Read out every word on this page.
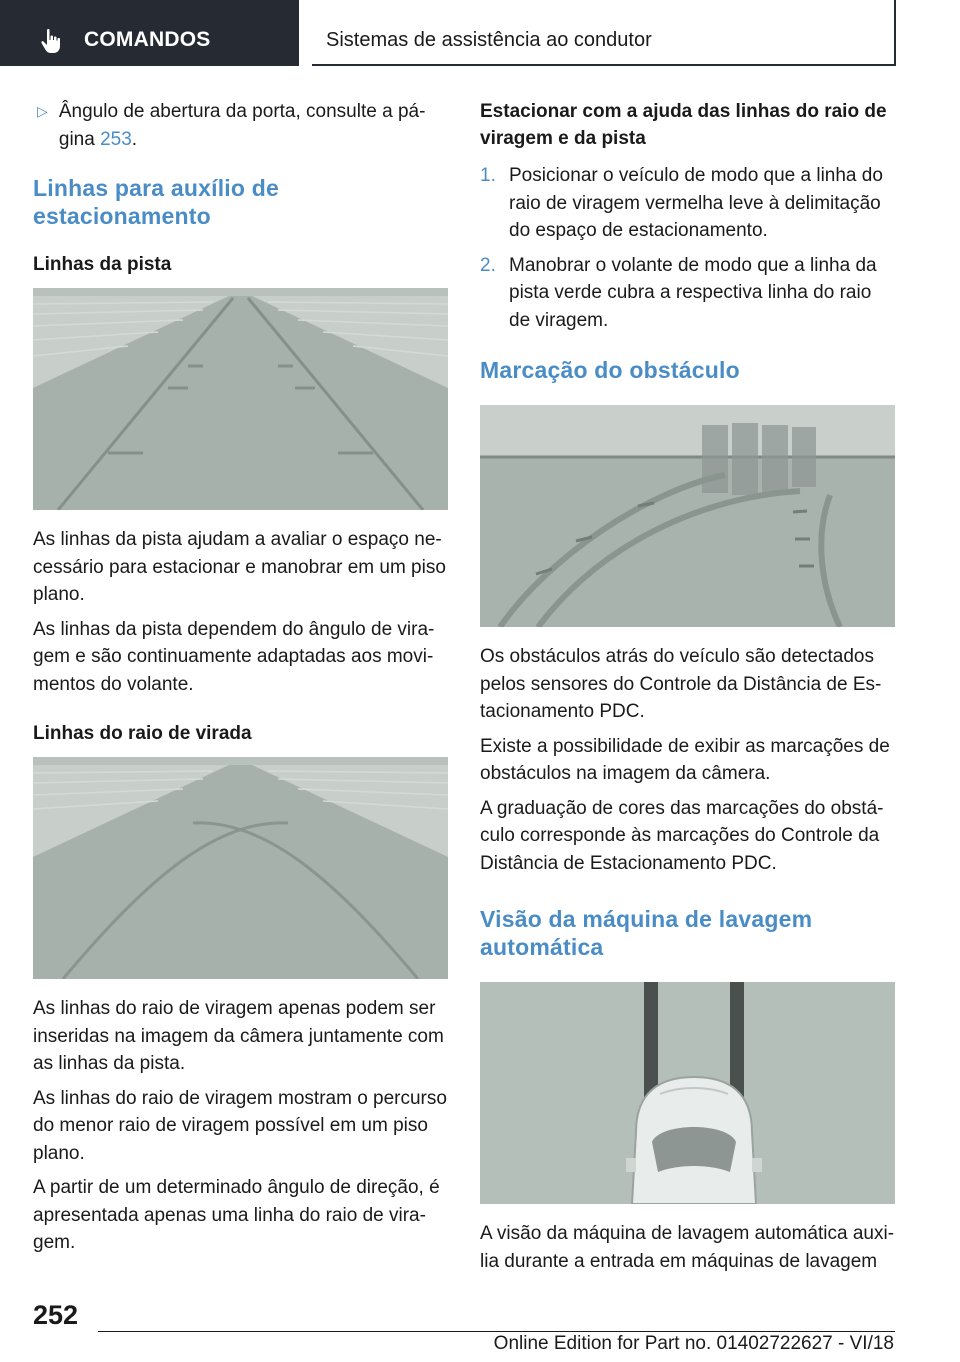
COMANDOS	Sistemas de assistência ao condutor
▷ Ângulo de abertura da porta, consulte a pá‐gina 253.
Linhas para auxílio de estacionamento
Linhas da pista

As linhas da pista ajudam a avaliar o espaço ne‐cessário para estacionar e manobrar em um piso plano.

As linhas da pista dependem do ângulo de vira‐gem e são continuamente adaptadas aos movi‐mentos do volante.

Linhas do raio de virada

As linhas do raio de viragem apenas podem ser inseridas na imagem da câmera juntamente com as linhas da pista.

As linhas do raio de viragem mostram o percurso do menor raio de viragem possível em um piso plano.

A partir de um determinado ângulo de direção, é apresentada apenas uma linha do raio de vira‐gem.

Estacionar com a ajuda das linhas do raio de viragem e da pista
1. Posicionar o veículo de modo que a linha do raio de viragem vermelha leve à delimitação do espaço de estacionamento.
2. Manobrar o volante de modo que a linha da pista verde cubra a respectiva linha do raio de viragem.
Marcação do obstáculo

Os obstáculos atrás do veículo são detectados pelos sensores do Controle da Distância de Es‐tacionamento PDC.

Existe a possibilidade de exibir as marcações de obstáculos na imagem da câmera.

A graduação de cores das marcações do obstá‐culo corresponde às marcações do Controle da Distância de Estacionamento PDC.

Visão da máquina de lavagem automática

A visão da máquina de lavagem automática auxi‐lia durante a entrada em máquinas de lavagem

252
Online Edition for Part no. 01402722627 - VI/18
